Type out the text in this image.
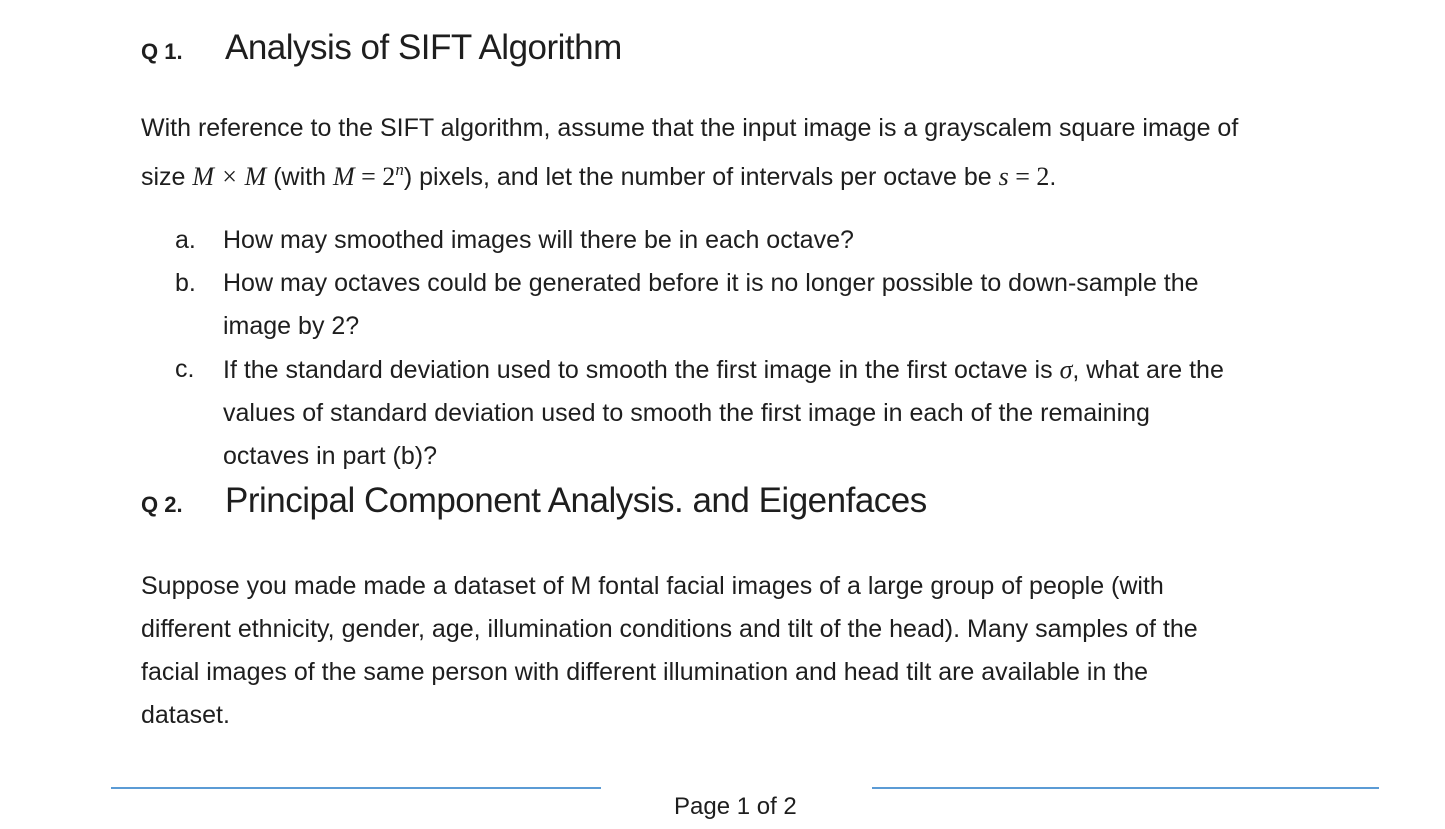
Q 1. Analysis of SIFT Algorithm
With reference to the SIFT algorithm, assume that the input image is a grayscalem square image of
size M × M (with $M = 2^n$) pixels, and let the number of intervals per octave be s = 2.
a.	How may smoothed images will there be in each octave?
b.	How may octaves could be generated before it is no longer possible to down-sample the
image by 2?
c.	If the standard deviation used to smooth the first image in the first octave is σ, what are the
values of standard deviation used to smooth the first image in each of the remaining
octaves in part (b)?
Q 2. Principal Component Analysis. and Eigenfaces
Suppose you made made a dataset of M fontal facial images of a large group of people (with
different ethnicity, gender, age, illumination conditions and tilt of the head). Many samples of the
facial images of the same person with different illumination and head tilt are available in the
dataset.
Page 1 of 2
